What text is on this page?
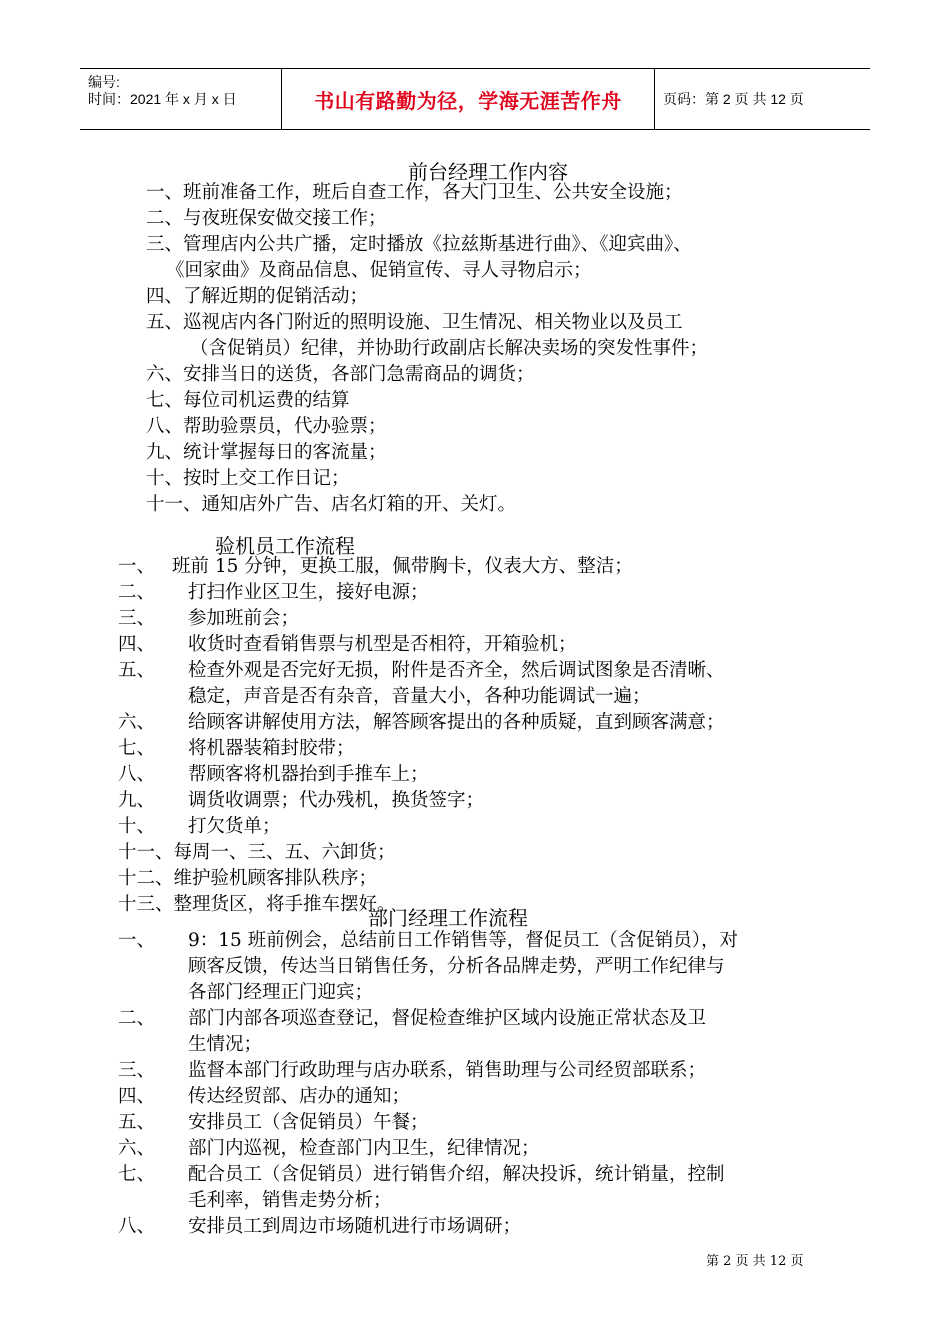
编号:
时间：2021 年 x 月 x 日	书山有路勤为径，学海无涯苦作舟	页码：第 2 页 共 12 页
前台经理工作内容
一、班前准备工作，班后自查工作，各大门卫生、公共安全设施；
二、与夜班保安做交接工作；
三、管理店内公共广播，定时播放《拉兹斯基进行曲》、《迎宾曲》、
《回家曲》及商品信息、促销宣传、寻人寻物启示；
四、了解近期的促销活动；
五、巡视店内各门附近的照明设施、卫生情况、相关物业以及员工
（含促销员）纪律，并协助行政副店长解决卖场的突发性事件；
六、安排当日的送货，各部门急需商品的调货；
七、每位司机运费的结算
八、帮助验票员，代办验票；
九、统计掌握每日的客流量；
十、按时上交工作日记；
十一、通知店外广告、店名灯箱的开、关灯。
验机员工作流程
一、 班前 15 分钟，更换工服，佩带胸卡，仪表大方、整洁；
二、 打扫作业区卫生，接好电源；
三、 参加班前会；
四、 收货时查看销售票与机型是否相符，开箱验机；
五、 检查外观是否完好无损，附件是否齐全，然后调试图象是否清晰、
稳定，声音是否有杂音，音量大小，各种功能调试一遍；
六、 给顾客讲解使用方法，解答顾客提出的各种质疑，直到顾客满意；
七、 将机器装箱封胶带；
八、 帮顾客将机器抬到手推车上；
九、 调货收调票；代办残机，换货签字；
十、 打欠货单；
十一、每周一、三、五、六卸货；
十二、维护验机顾客排队秩序；
十三、整理货区，将手推车摆好。
部门经理工作流程
一、 9：15 班前例会，总结前日工作销售等，督促员工（含促销员），对
顾客反馈，传达当日销售任务，分析各品牌走势，严明工作纪律与
各部门经理正门迎宾；
二、 部门内部各项巡查登记，督促检查维护区域内设施正常状态及卫
生情况；
三、 监督本部门行政助理与店办联系，销售助理与公司经贸部联系；
四、 传达经贸部、店办的通知；
五、 安排员工（含促销员）午餐；
六、 部门内巡视，检查部门内卫生，纪律情况；
七、 配合员工（含促销员）进行销售介绍，解决投诉，统计销量，控制
毛利率，销售走势分析；
八、 安排员工到周边市场随机进行市场调研；
第 2 页 共 12 页
